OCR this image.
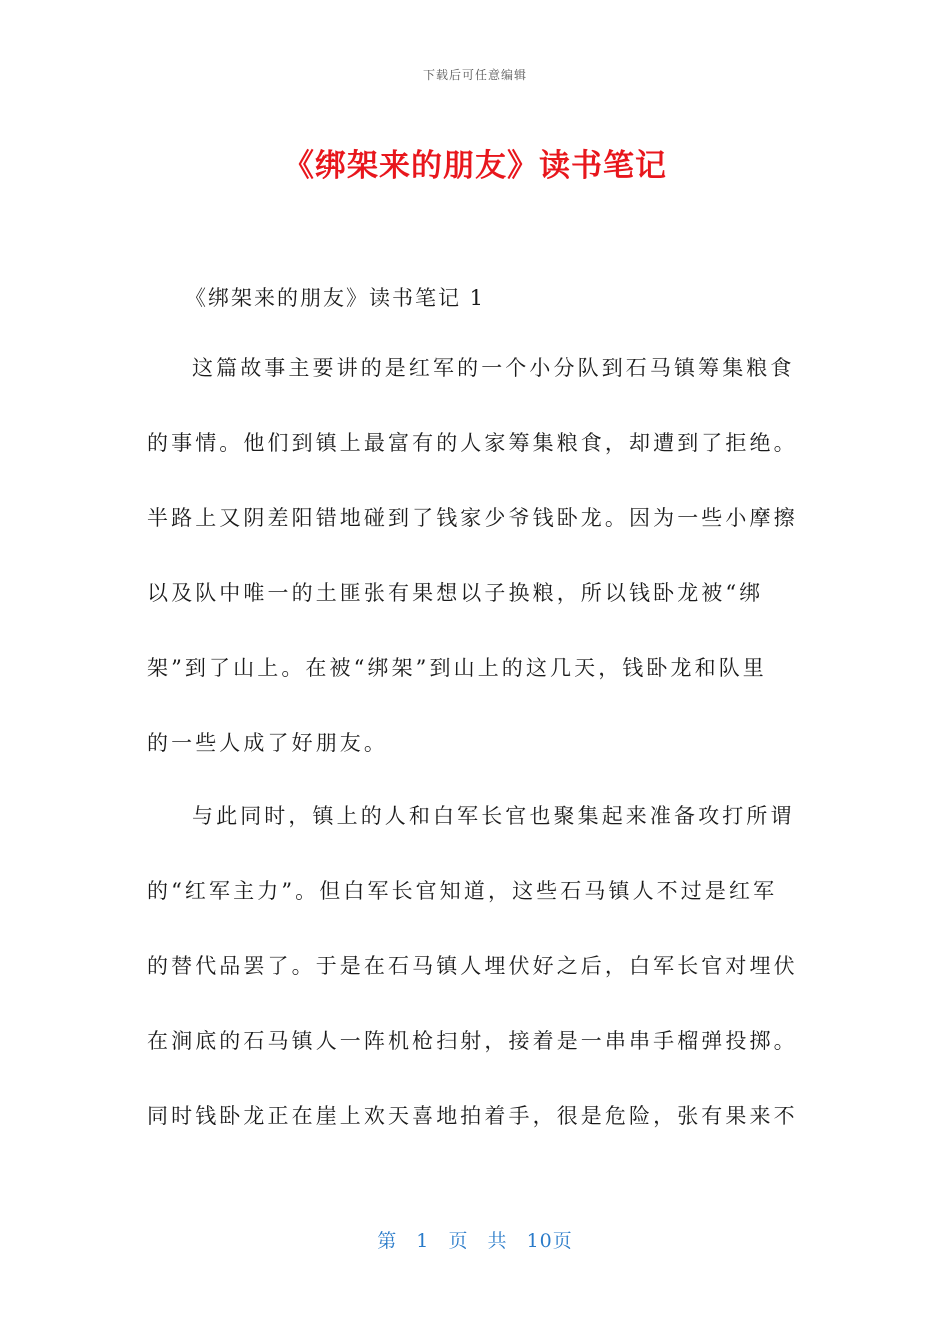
下载后可任意编辑
《绑架来的朋友》读书笔记
《绑架来的朋友》读书笔记 1
这篇故事主要讲的是红军的一个小分队到石马镇筹集粮食
的事情。他们到镇上最富有的人家筹集粮食，却遭到了拒绝。
半路上又阴差阳错地碰到了钱家少爷钱卧龙。因为一些小摩擦
以及队中唯一的土匪张有果想以子换粮，所以钱卧龙被“绑
架”到了山上。在被“绑架”到山上的这几天，钱卧龙和队里
的一些人成了好朋友。
与此同时，镇上的人和白军长官也聚集起来准备攻打所谓
的“红军主力”。但白军长官知道，这些石马镇人不过是红军
的替代品罢了。于是在石马镇人埋伏好之后，白军长官对埋伏
在涧底的石马镇人一阵机枪扫射，接着是一串串手榴弹投掷。
同时钱卧龙正在崖上欢天喜地拍着手，很是危险，张有果来不
第 1 页 共 10页
